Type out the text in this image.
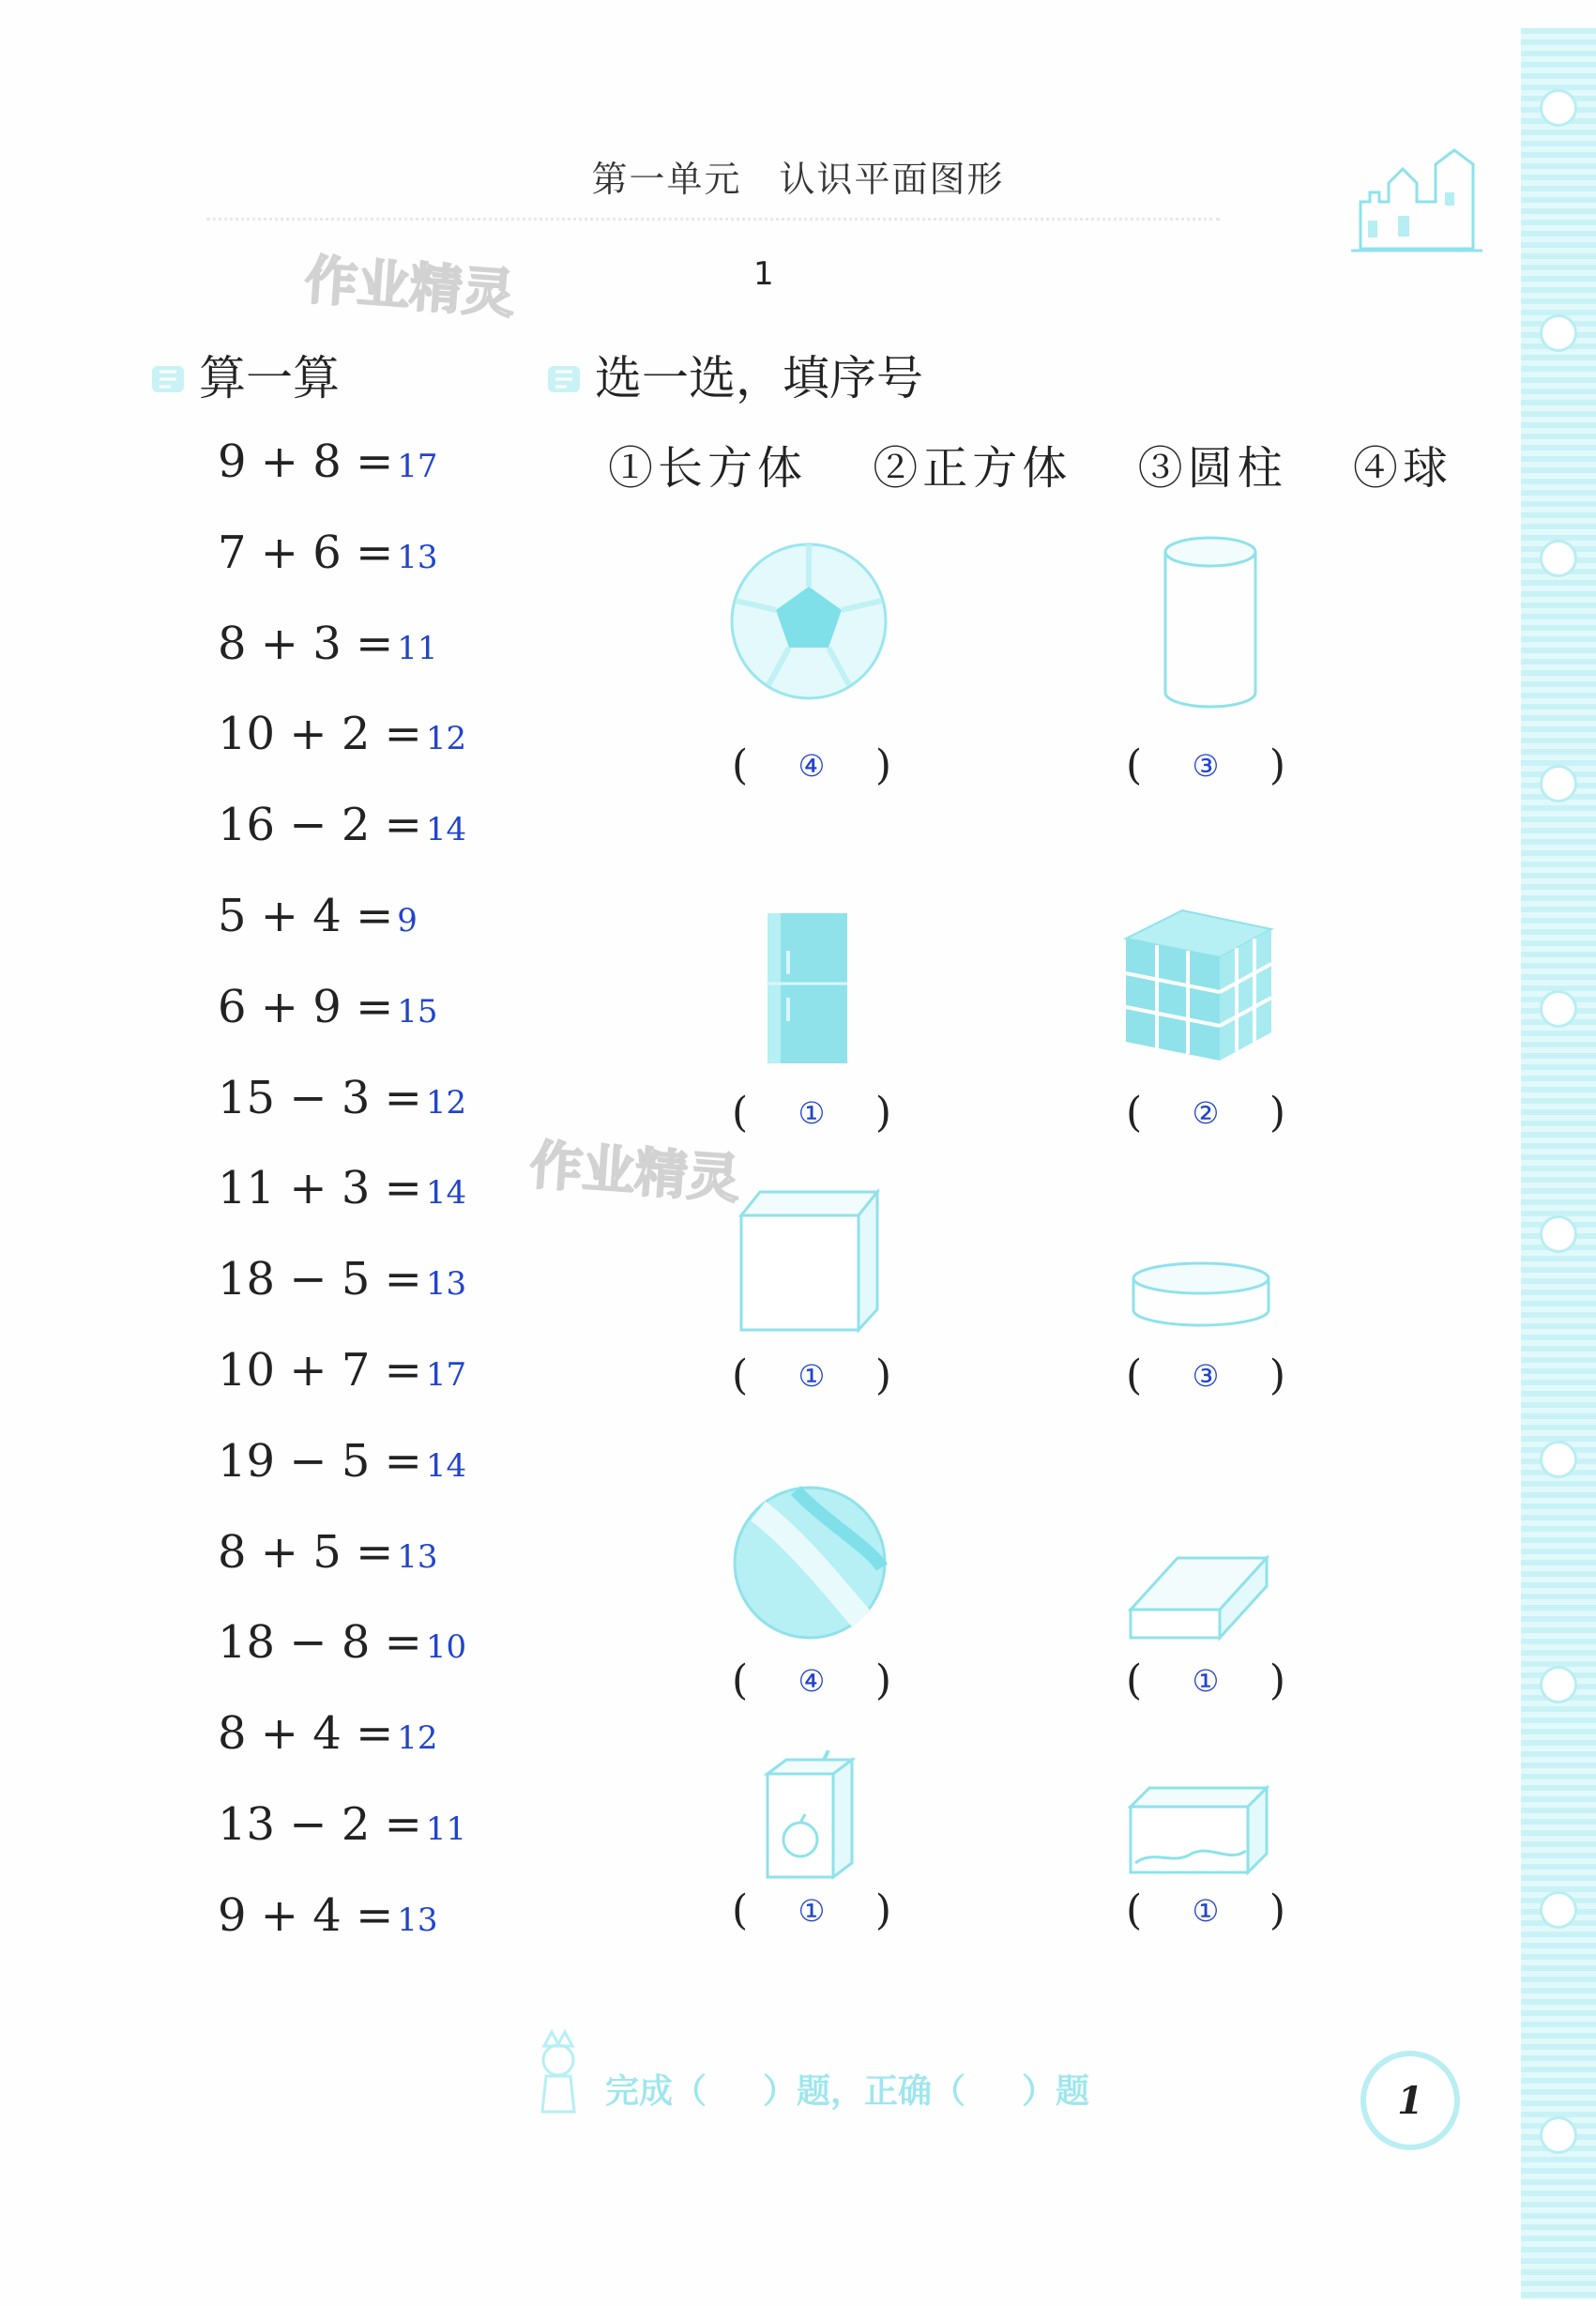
第一单元 认识平面图形
1
作业精灵
作业精灵
算一算	选一选，填序号
9 + 8 = 17
7 + 6 = 13
8 + 3 = 11
10 + 2 = 12
16 − 2 = 14
5 + 4 = 9
6 + 9 = 15
15 − 3 = 12
11 + 3 = 14
18 − 5 = 13
10 + 7 = 17
19 − 5 = 14
8 + 5 = 13
18 − 8 = 10
8 + 4 = 12
13 − 2 = 11
9 + 4 = 13
①长方体 ②正方体 ③圆柱 ④球
( ④ )	( ③ )
( ① )	( ② )
( ① )	( ③ )
( ④ )	( ① )
( ① )	( ① )
完成（ ）题，正确（ ）题	1
